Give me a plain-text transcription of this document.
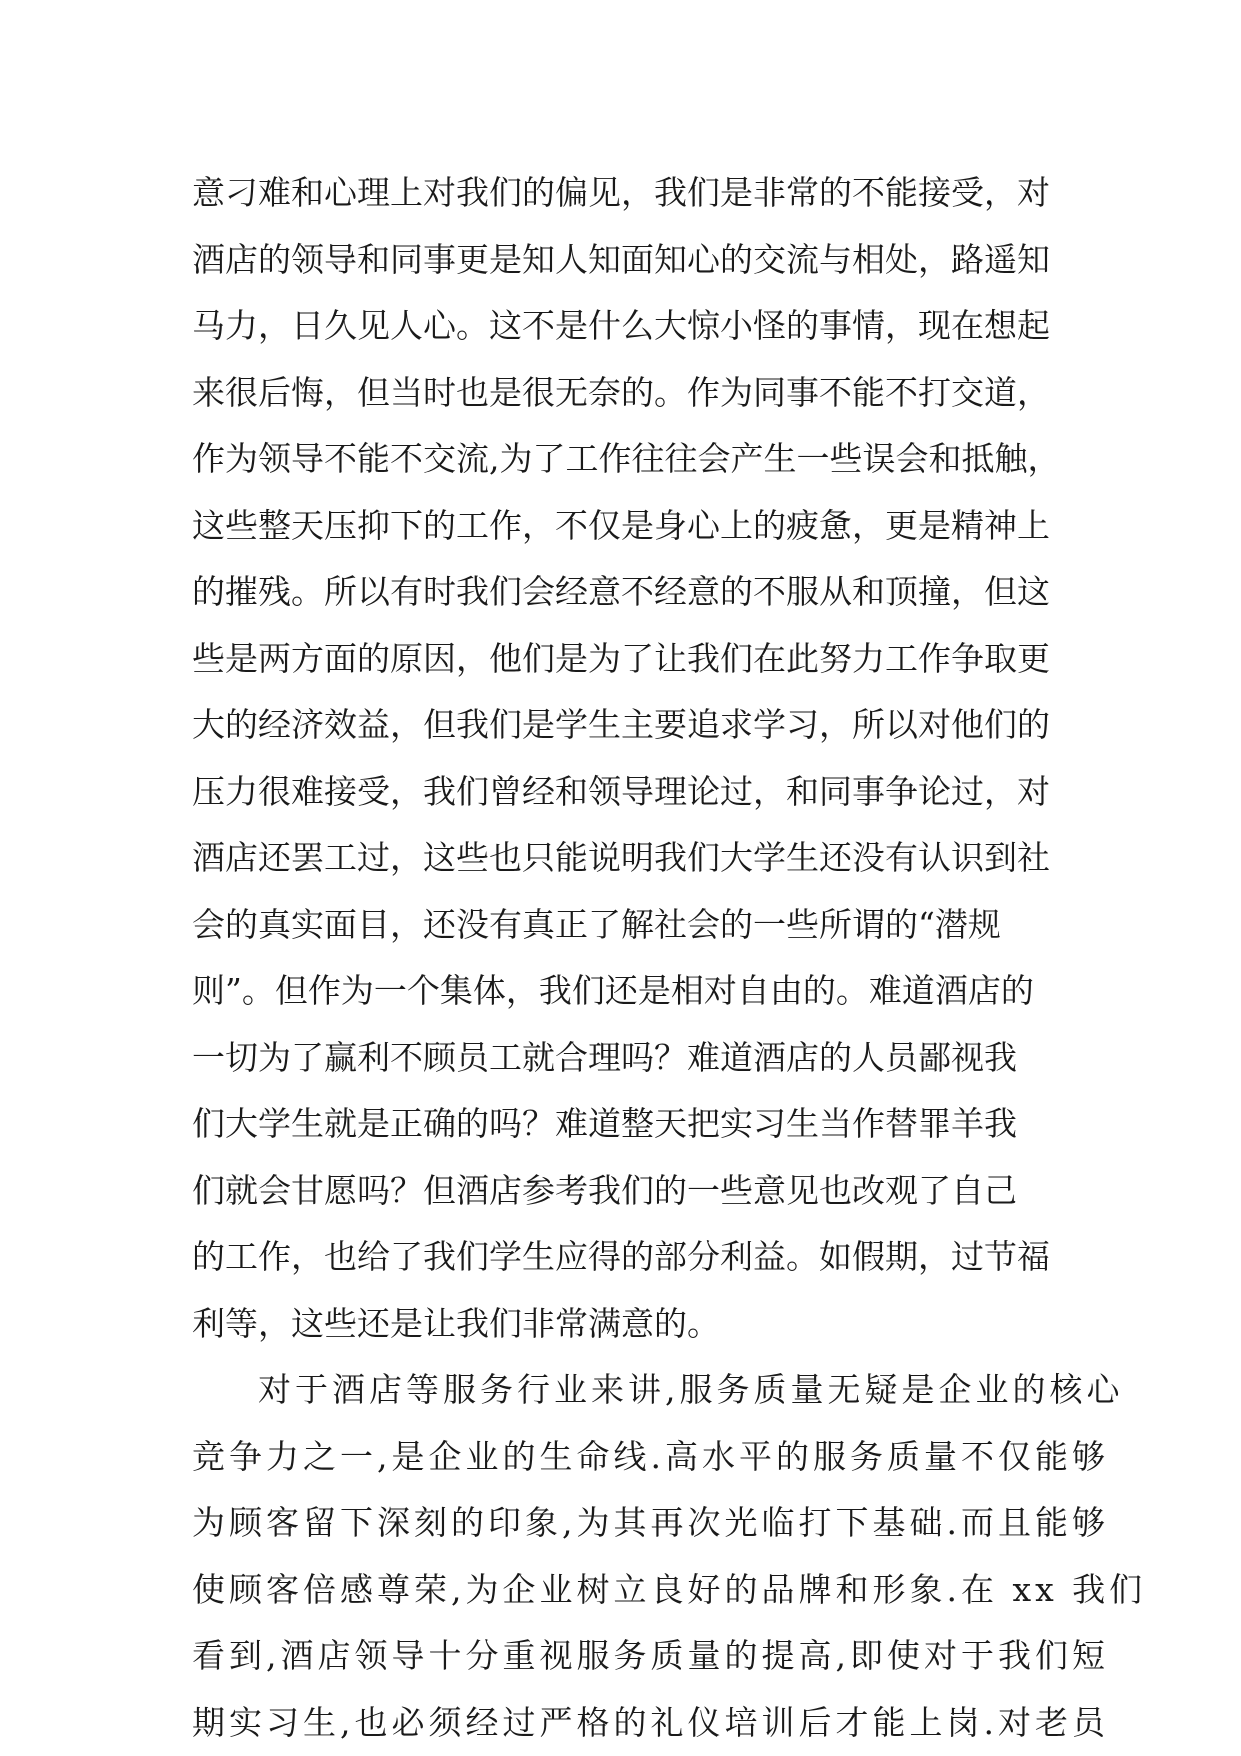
意刁难和心理上对我们的偏见，我们是非常的不能接受，对
酒店的领导和同事更是知人知面知心的交流与相处，路遥知
马力，日久见人心。这不是什么大惊小怪的事情，现在想起
来很后悔，但当时也是很无奈的。作为同事不能不打交道，
作为领导不能不交流,为了工作往往会产生一些误会和抵触，
这些整天压抑下的工作，不仅是身心上的疲惫，更是精神上
的摧残。所以有时我们会经意不经意的不服从和顶撞，但这
些是两方面的原因，他们是为了让我们在此努力工作争取更
大的经济效益，但我们是学生主要追求学习，所以对他们的
压力很难接受，我们曾经和领导理论过，和同事争论过，对
酒店还罢工过，这些也只能说明我们大学生还没有认识到社
会的真实面目，还没有真正了解社会的一些所谓的“潜规
则”。但作为一个集体，我们还是相对自由的。难道酒店的
一切为了赢利不顾员工就合理吗？难道酒店的人员鄙视我
们大学生就是正确的吗？难道整天把实习生当作替罪羊我
们就会甘愿吗？但酒店参考我们的一些意见也改观了自己
的工作，也给了我们学生应得的部分利益。如假期，过节福
利等，这些还是让我们非常满意的。
对于酒店等服务行业来讲,服务质量无疑是企业的核心
竞争力之一,是企业的生命线.高水平的服务质量不仅能够
为顾客留下深刻的印象,为其再次光临打下基础.而且能够
使顾客倍感尊荣,为企业树立良好的品牌和形象.在 xx 我们
看到,酒店领导十分重视服务质量的提高,即使对于我们短
期实习生,也必须经过严格的礼仪培训后才能上岗.对老员
